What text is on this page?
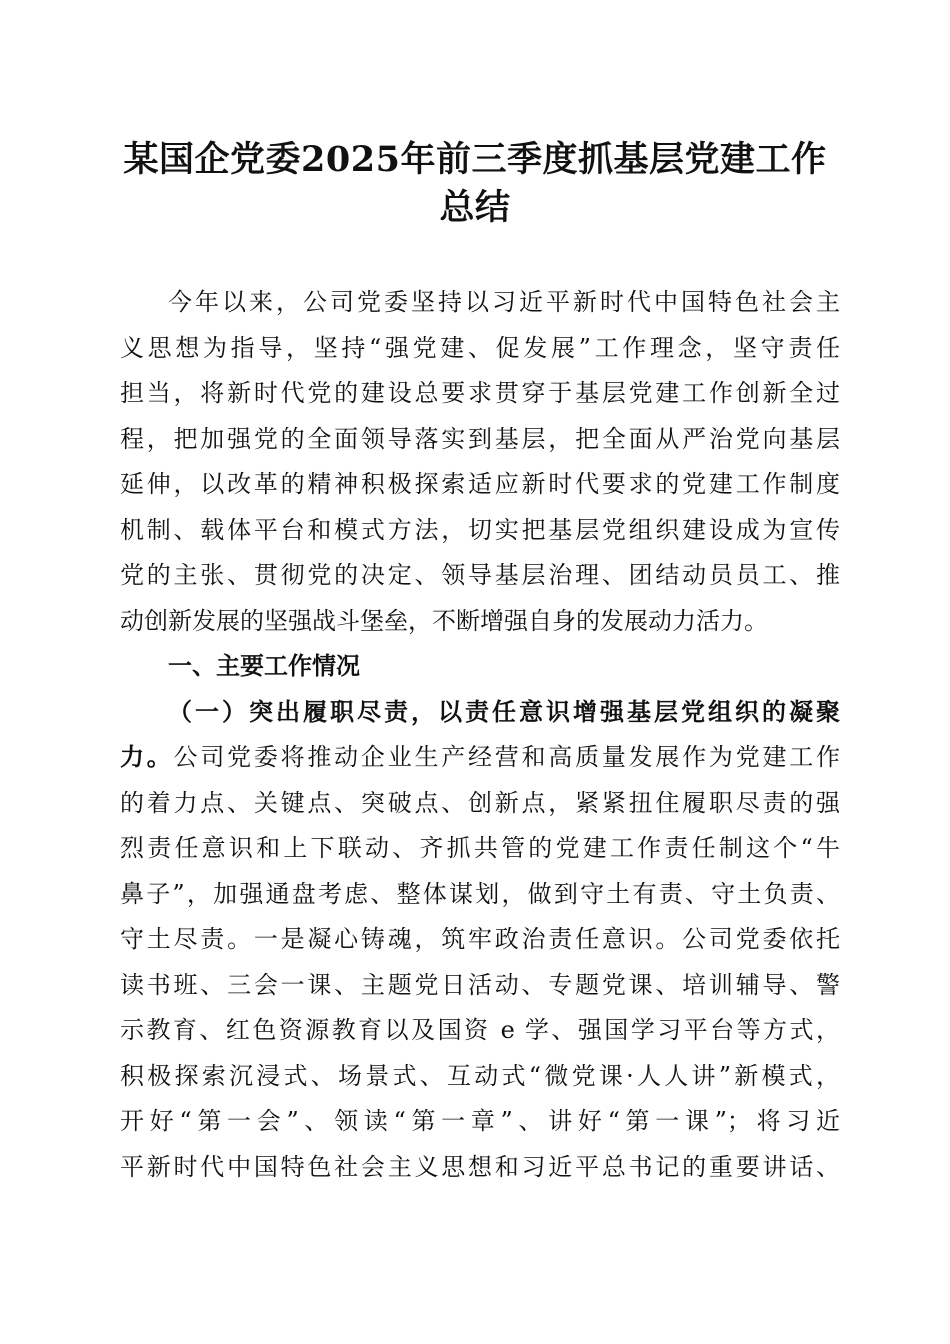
某国企党委2025年前三季度抓基层党建工作
总结
今年以来，公司党委坚持以习近平新时代中国特色社会主
义思想为指导，坚持“强党建、促发展”工作理念，坚守责任
担当，将新时代党的建设总要求贯穿于基层党建工作创新全过
程，把加强党的全面领导落实到基层，把全面从严治党向基层
延伸，以改革的精神积极探索适应新时代要求的党建工作制度
机制、载体平台和模式方法，切实把基层党组织建设成为宣传
党的主张、贯彻党的决定、领导基层治理、团结动员员工、推
动创新发展的坚强战斗堡垒，不断增强自身的发展动力活力。
一、主要工作情况
（一）突出履职尽责，以责任意识增强基层党组织的凝聚
力。公司党委将推动企业生产经营和高质量发展作为党建工作
的着力点、关键点、突破点、创新点，紧紧扭住履职尽责的强
烈责任意识和上下联动、齐抓共管的党建工作责任制这个“牛
鼻子”，加强通盘考虑、整体谋划，做到守土有责、守土负责、
守土尽责。一是凝心铸魂，筑牢政治责任意识。公司党委依托
读书班、三会一课、主题党日活动、专题党课、培训辅导、警
示教育、红色资源教育以及国资 e 学、强国学习平台等方式，
积极探索沉浸式、场景式、互动式“微党课·人人讲”新模式，
开好“第一会”、领读“第一章”、讲好“第一课”；将习近
平新时代中国特色社会主义思想和习近平总书记的重要讲话、
